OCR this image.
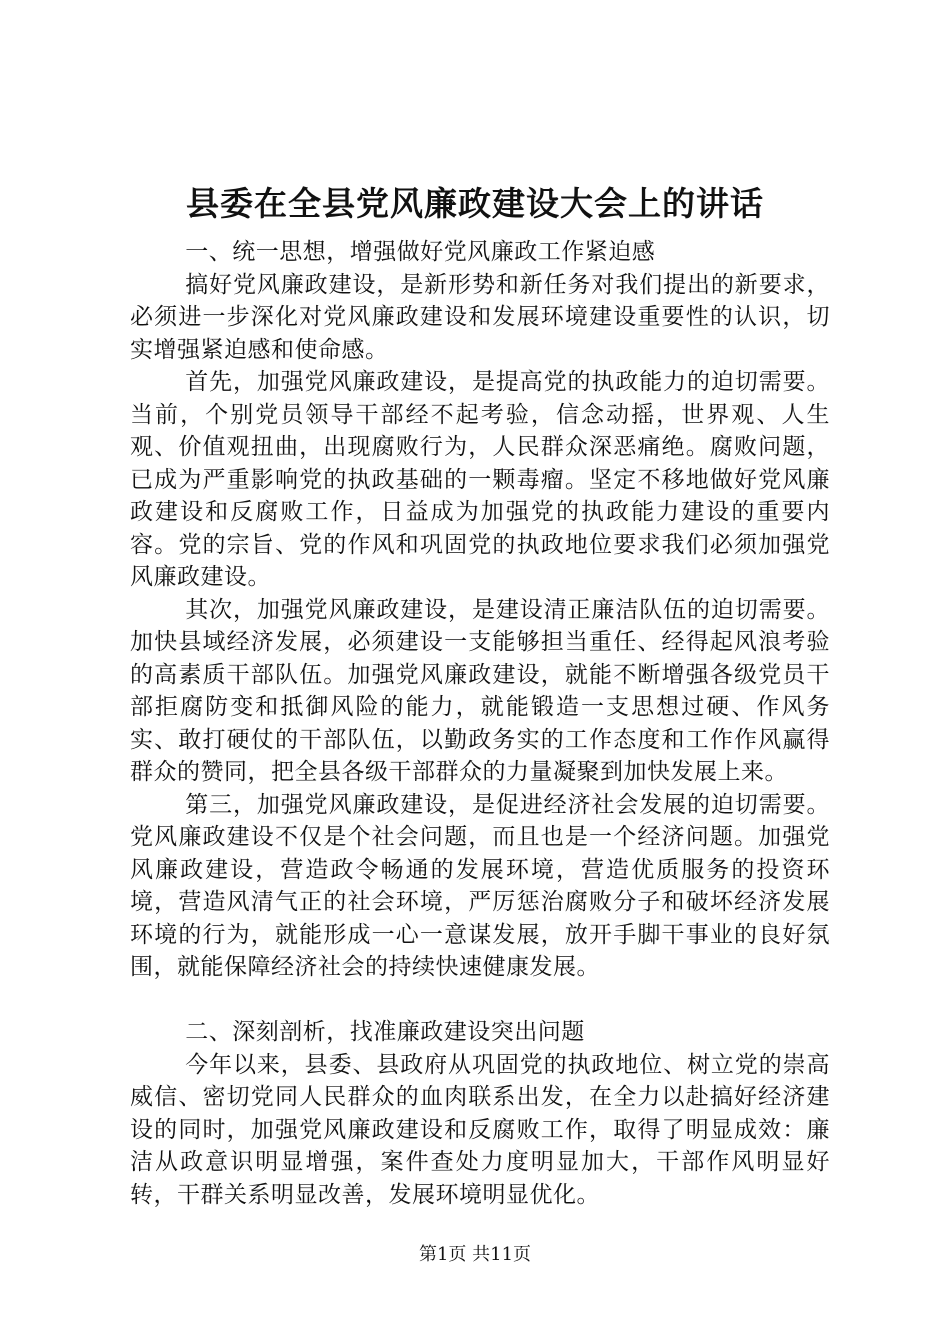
县委在全县党风廉政建设大会上的讲话

一、统一思想，增强做好党风廉政工作紧迫感

搞好党风廉政建设，是新形势和新任务对我们提出的新要求，必须进一步深化对党风廉政建设和发展环境建设重要性的认识，切实增强紧迫感和使命感。

首先，加强党风廉政建设，是提高党的执政能力的迫切需要。当前，个别党员领导干部经不起考验，信念动摇，世界观、人生观、价值观扭曲，出现腐败行为，人民群众深恶痛绝。腐败问题，已成为严重影响党的执政基础的一颗毒瘤。坚定不移地做好党风廉政建设和反腐败工作，日益成为加强党的执政能力建设的重要内容。党的宗旨、党的作风和巩固党的执政地位要求我们必须加强党风廉政建设。

其次，加强党风廉政建设，是建设清正廉洁队伍的迫切需要。加快县域经济发展，必须建设一支能够担当重任、经得起风浪考验的高素质干部队伍。加强党风廉政建设，就能不断增强各级党员干部拒腐防变和抵御风险的能力，就能锻造一支思想过硬、作风务实、敢打硬仗的干部队伍，以勤政务实的工作态度和工作作风赢得群众的赞同，把全县各级干部群众的力量凝聚到加快发展上来。

第三，加强党风廉政建设，是促进经济社会发展的迫切需要。党风廉政建设不仅是个社会问题，而且也是一个经济问题。加强党风廉政建设，营造政令畅通的发展环境，营造优质服务的投资环境，营造风清气正的社会环境，严厉惩治腐败分子和破坏经济发展环境的行为，就能形成一心一意谋发展，放开手脚干事业的良好氛围，就能保障经济社会的持续快速健康发展。

二、深刻剖析，找准廉政建设突出问题

今年以来，县委、县政府从巩固党的执政地位、树立党的崇高威信、密切党同人民群众的血肉联系出发，在全力以赴搞好经济建设的同时，加强党风廉政建设和反腐败工作，取得了明显成效：廉洁从政意识明显增强，案件查处力度明显加大，干部作风明显好转，干群关系明显改善，发展环境明显优化。

第1页 共11页
